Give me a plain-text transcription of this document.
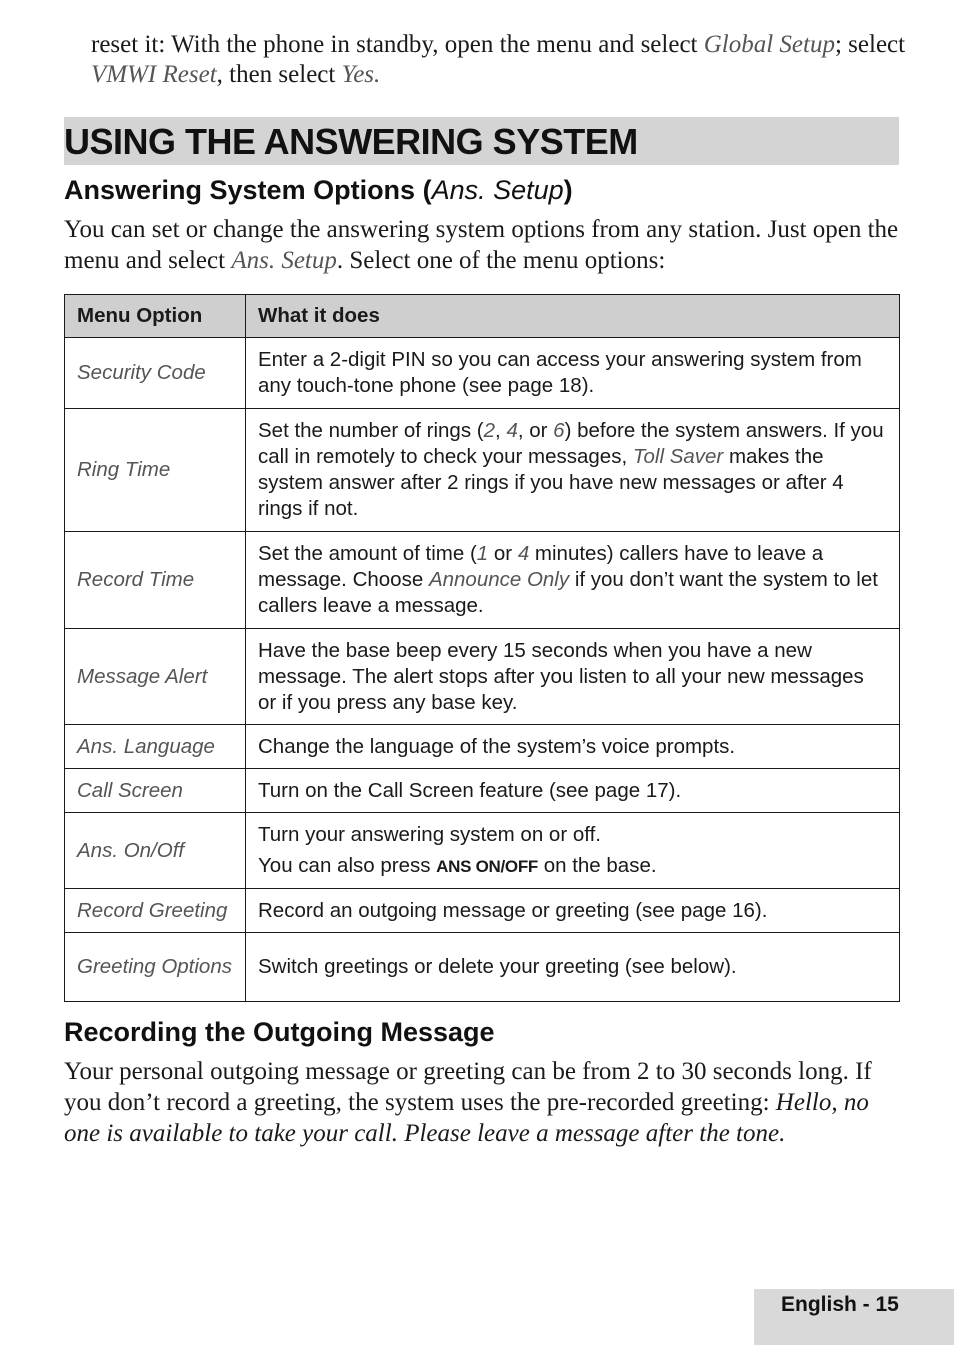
reset it: With the phone in standby, open the menu and select Global Setup; select VMWI Reset, then select Yes.
USING THE ANSWERING SYSTEM
Answering System Options (Ans. Setup)
You can set or change the answering system options from any station. Just open the menu and select Ans. Setup. Select one of the menu options:
Menu Option	What it does
Security Code	Enter a 2-digit PIN so you can access your answering system from any touch-tone phone (see page 18).
Ring Time	Set the number of rings (2, 4, or 6) before the system answers. If you call in remotely to check your messages, Toll Saver makes the system answer after 2 rings if you have new messages or after 4 rings if not.
Record Time	Set the amount of time (1 or 4 minutes) callers have to leave a message. Choose Announce Only if you don’t want the system to let callers leave a message.
Message Alert	Have the base beep every 15 seconds when you have a new message. The alert stops after you listen to all your new messages or if you press any base key.
Ans. Language	Change the language of the system’s voice prompts.
Call Screen	Turn on the Call Screen feature (see page 17).
Ans. On/Off	Turn your answering system on or off.
You can also press ANS ON/OFF on the base.

Record Greeting	Record an outgoing message or greeting (see page 16).
Greeting Options	Switch greetings or delete your greeting (see below).
Recording the Outgoing Message
Your personal outgoing message or greeting can be from 2 to 30 seconds long. If you don’t record a greeting, the system uses the pre-recorded greeting: Hello, no one is available to take your call. Please leave a message after the tone.
English - 15
